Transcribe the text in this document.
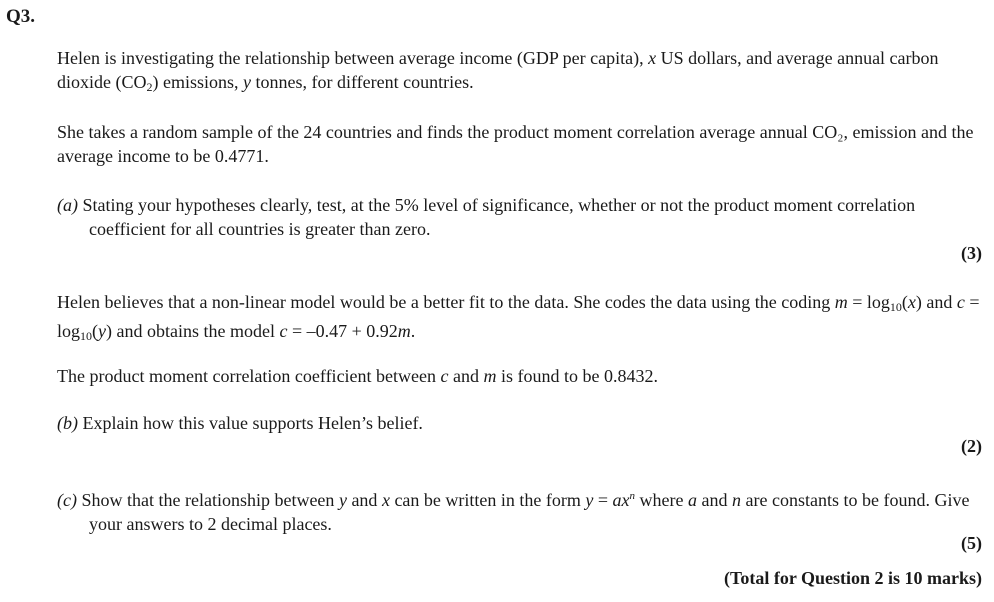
Q3.
Helen is investigating the relationship between average income (GDP per capita), x US dollars, and average annual carbon dioxide $(CO_2)$ emissions, y tonnes, for different countries.
She takes a random sample of the 24 countries and finds the product moment correlation average annual CO₂, emission and the average income to be 0.4771.
(a) Stating your hypotheses clearly, test, at the 5% level of significance, whether or not the product moment correlation coefficient for all countries is greater than zero.
(3)
Helen believes that a non-linear model would be a better fit to the data. She codes the data using the coding $m = \log_{10}(x)$ and $c = \log_{10}(y)$ and obtains the model c = –0.47 + 0.92m.
The product moment correlation coefficient between c and m is found to be 0.8432.
(b) Explain how this value supports Helen’s belief.
(2)
(c) Show that the relationship between y and x can be written in the form $y = ax^n$ where a and n are constants to be found. Give your answers to 2 decimal places.
(5)
(Total for Question 2 is 10 marks)
